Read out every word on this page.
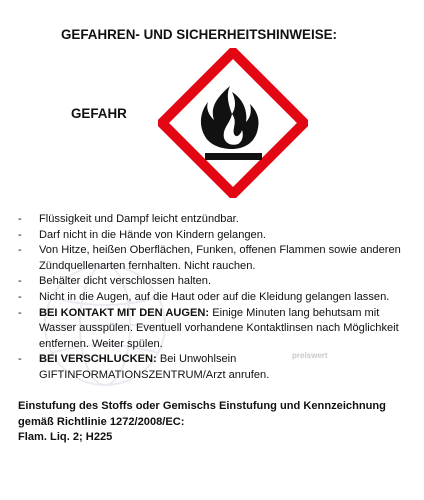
GEFAHREN- UND SICHERHEITSHINWEISE:
GEFAHR
preiswert
- Flüssigkeit und Dampf leicht entzündbar.
- Darf nicht in die Hände von Kindern gelangen.
- Von Hitze, heißen Oberflächen, Funken, offenen Flammen sowie anderen Zündquellenarten fernhalten. Nicht rauchen.
- Behälter dicht verschlossen halten.
- Nicht in die Augen, auf die Haut oder auf die Kleidung gelangen lassen.
- BEI KONTAKT MIT DEN AUGEN: Einige Minuten lang behutsam mit Wasser ausspülen. Eventuell vorhandene Kontaktlinsen nach Möglichkeit entfernen. Weiter spülen.
- BEI VERSCHLUCKEN: Bei Unwohlsein GIFTINFORMATIONSZENTRUM/Arzt anrufen.
Einstufung des Stoffs oder Gemischs Einstufung und Kennzeichnung
gemäß Richtlinie 1272/2008/EC:
Flam. Liq. 2; H225
